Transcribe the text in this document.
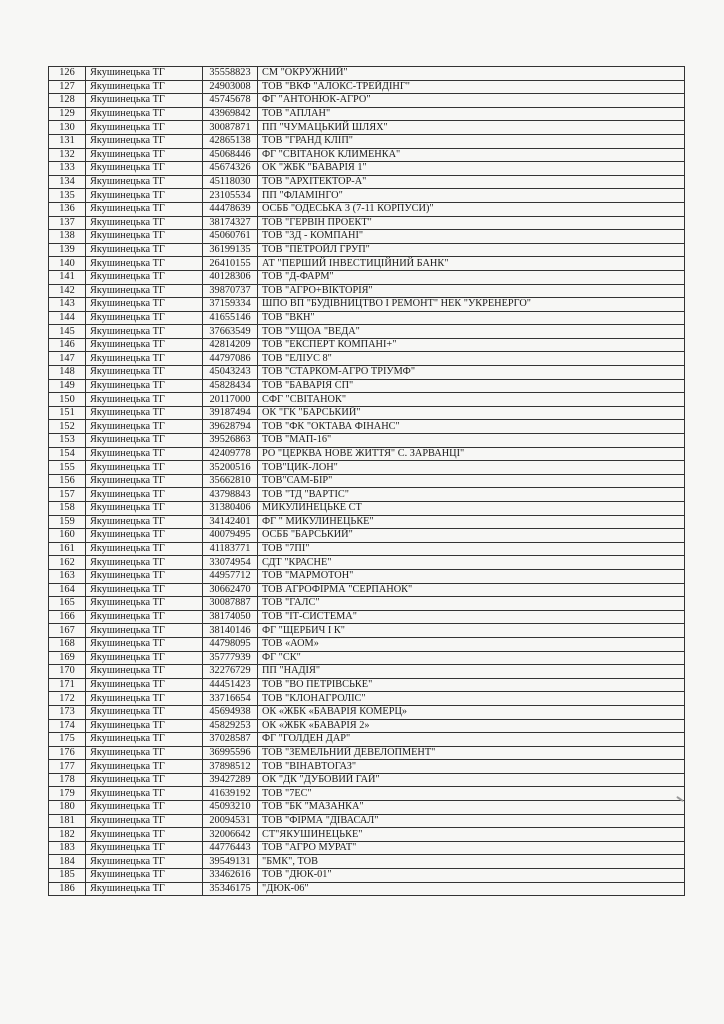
126	Якушинецька ТГ	35558823	СМ "ОКРУЖНИЙ"
127	Якушинецька ТГ	24903008	ТОВ "ВКФ "АЛОКС-ТРЕЙДІНГ"
128	Якушинецька ТГ	45745678	ФГ "АНТОНЮК-АГРО"
129	Якушинецька ТГ	43969842	ТОВ "АПЛАН"
130	Якушинецька ТГ	30087871	ПП "ЧУМАЦЬКИЙ ШЛЯХ"
131	Якушинецька ТГ	42865138	ТОВ "ГРАНД КЛІП"
132	Якушинецька ТГ	45068446	ФГ "СВІТАНОК КЛИМЕНКА"
133	Якушинецька ТГ	45674326	ОК "ЖБК "БАВАРІЯ 1"
134	Якушинецька ТГ	45118030	ТОВ "АРХІТЕКТОР-А"
135	Якушинецька ТГ	23105534	ПП "ФЛАМІНГО"
136	Якушинецька ТГ	44478639	ОСББ "ОДЕСЬКА 3 (7-11 КОРПУСИ)"
137	Якушинецька ТГ	38174327	ТОВ "ГЕРВІН ПРОЕКТ"
138	Якушинецька ТГ	45060761	ТОВ "3Д - КОМПАНІ"
139	Якушинецька ТГ	36199135	ТОВ "ПЕТРОЙЛ ГРУП"
140	Якушинецька ТГ	26410155	АТ "ПЕРШИЙ ІНВЕСТИЦІЙНИЙ БАНК"
141	Якушинецька ТГ	40128306	ТОВ "Д-ФАРМ"
142	Якушинецька ТГ	39870737	ТОВ "АГРО+ВІКТОРІЯ"
143	Якушинецька ТГ	37159334	ШПО ВП "БУДІВНИЦТВО І РЕМОНТ" НЕК "УКРЕНЕРГО"
144	Якушинецька ТГ	41655146	ТОВ "ВКН"
145	Якушинецька ТГ	37663549	ТОВ "УЩОА "ВЕДА"
146	Якушинецька ТГ	42814209	ТОВ "ЕКСПЕРТ КОМПАНІ+"
147	Якушинецька ТГ	44797086	ТОВ "ЕЛІУС 8"
148	Якушинецька ТГ	45043243	ТОВ "СТАРКОМ-АГРО ТРІУМФ"
149	Якушинецька ТГ	45828434	ТОВ "БАВАРІЯ СП"
150	Якушинецька ТГ	20117000	СФГ "СВІТАНОК"
151	Якушинецька ТГ	39187494	ОК "ГК "БАРСЬКИЙ"
152	Якушинецька ТГ	39628794	ТОВ "ФК "ОКТАВА ФІНАНС"
153	Якушинецька ТГ	39526863	ТОВ "МАП-16"
154	Якушинецька ТГ	42409778	РО "ЦЕРКВА НОВЕ ЖИТТЯ" С. ЗАРВАНЦІ"
155	Якушинецька ТГ	35200516	ТОВ"ЦИК-ЛОН"
156	Якушинецька ТГ	35662810	ТОВ"САМ-БІР"
157	Якушинецька ТГ	43798843	ТОВ "ТД "ВАРТІС"
158	Якушинецька ТГ	31380406	МИКУЛИНЕЦЬКЕ СТ
159	Якушинецька ТГ	34142401	ФГ " МИКУЛИНЕЦЬКЕ"
160	Якушинецька ТГ	40079495	ОСББ "БАРСЬКИЙ"
161	Якушинецька ТГ	41183771	ТОВ "7ПІ"
162	Якушинецька ТГ	33074954	СДТ "КРАСНЕ"
163	Якушинецька ТГ	44957712	ТОВ "МАРМОТОН"
164	Якушинецька ТГ	30662470	ТОВ АГРОФІРМА "СЕРПАНОК"
165	Якушинецька ТГ	30087887	ТОВ "ГАЛС"
166	Якушинецька ТГ	38174050	ТОВ "ІТ-СИСТЕМА"
167	Якушинецька ТГ	38140146	ФГ "ЩЕРБИЧ І К"
168	Якушинецька ТГ	44798095	ТОВ «АОМ»
169	Якушинецька ТГ	35777939	ФГ "СК"
170	Якушинецька ТГ	32276729	ПП "НАДІЯ"
171	Якушинецька ТГ	44451423	ТОВ "ВО ПЕТРІВСЬКЕ"
172	Якушинецька ТГ	33716654	ТОВ "КЛОНАГРОЛІС"
173	Якушинецька ТГ	45694938	ОК «ЖБК «БАВАРІЯ КОМЕРЦ»
174	Якушинецька ТГ	45829253	ОК «ЖБК «БАВАРІЯ 2»
175	Якушинецька ТГ	37028587	ФГ "ГОЛДЕН ДАР"
176	Якушинецька ТГ	36995596	ТОВ "ЗЕМЕЛЬНИЙ ДЕВЕЛОПМЕНТ"
177	Якушинецька ТГ	37898512	ТОВ "ВІНАВТОГАЗ"
178	Якушинецька ТГ	39427289	ОК "ДК "ДУБОВИЙ ГАЙ"
179	Якушинецька ТГ	41639192	ТОВ "7ЕС"
180	Якушинецька ТГ	45093210	ТОВ "БК "МАЗАНКА"
181	Якушинецька ТГ	20094531	ТОВ "ФІРМА "ДІВАСАЛ"
182	Якушинецька ТГ	32006642	СТ"ЯКУШИНЕЦЬКЕ"
183	Якушинецька ТГ	44776443	ТОВ "АГРО МУРАТ"
184	Якушинецька ТГ	39549131	"БМК", ТОВ
185	Якушинецька ТГ	33462616	ТОВ "ДЮК-01"
186	Якушинецька ТГ	35346175	"ДЮК-06"
